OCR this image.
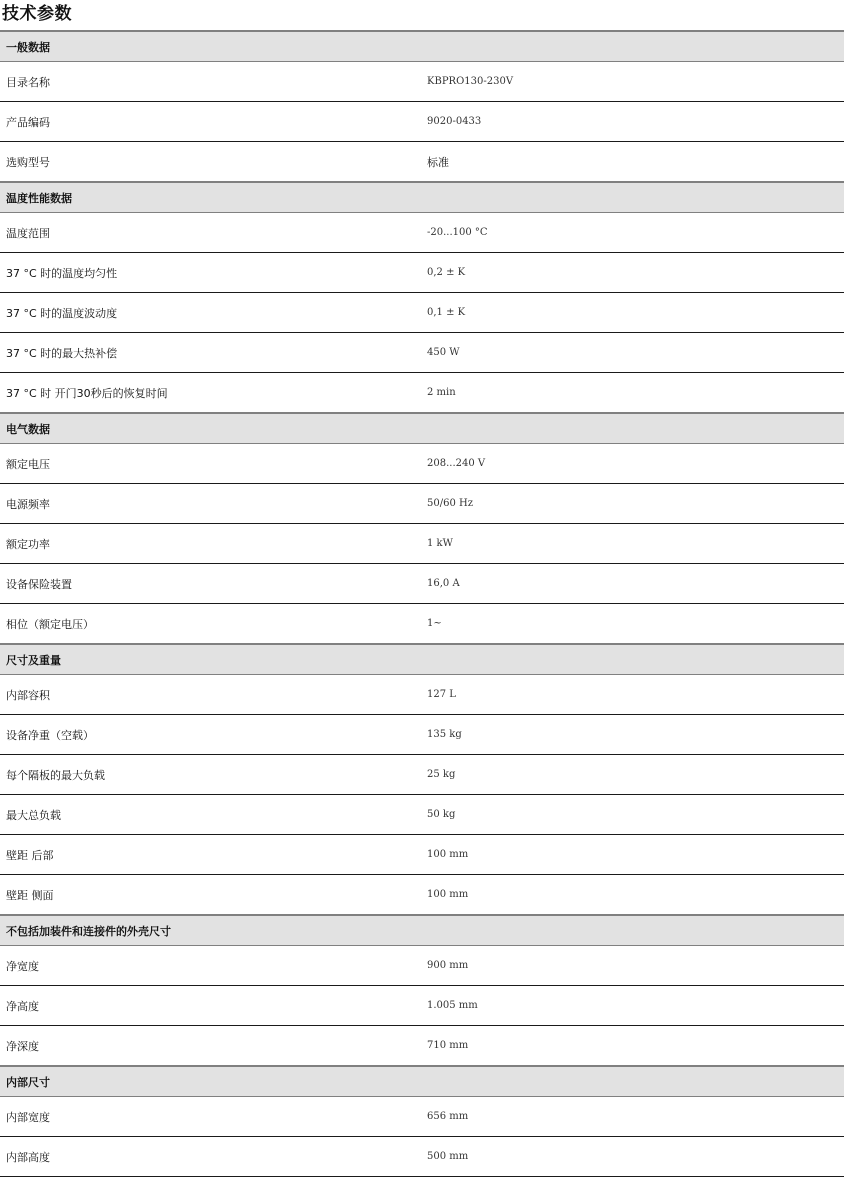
技术参数
一般数据
目录名称	KBPRO130-230V
产品编码	9020-0433
选购型号	标准
温度性能数据
温度范围	-20...100 °C
37 °C 时的温度均匀性	0,2 ± K
37 °C 时的温度波动度	0,1 ± K
37 °C 时的最大热补偿	450 W
37 °C 时 开门30秒后的恢复时间	2 min
电气数据
额定电压	208...240 V
电源频率	50/60 Hz
额定功率	1 kW
设备保险装置	16,0 A
相位（额定电压）	1~
尺寸及重量
内部容积	127 L
设备净重（空载）	135 kg
每个隔板的最大负载	25 kg
最大总负载	50 kg
壁距 后部	100 mm
壁距 侧面	100 mm
不包括加装件和连接件的外壳尺寸
净宽度	900 mm
净高度	1.005 mm
净深度	710 mm
内部尺寸
内部宽度	656 mm
内部高度	500 mm
